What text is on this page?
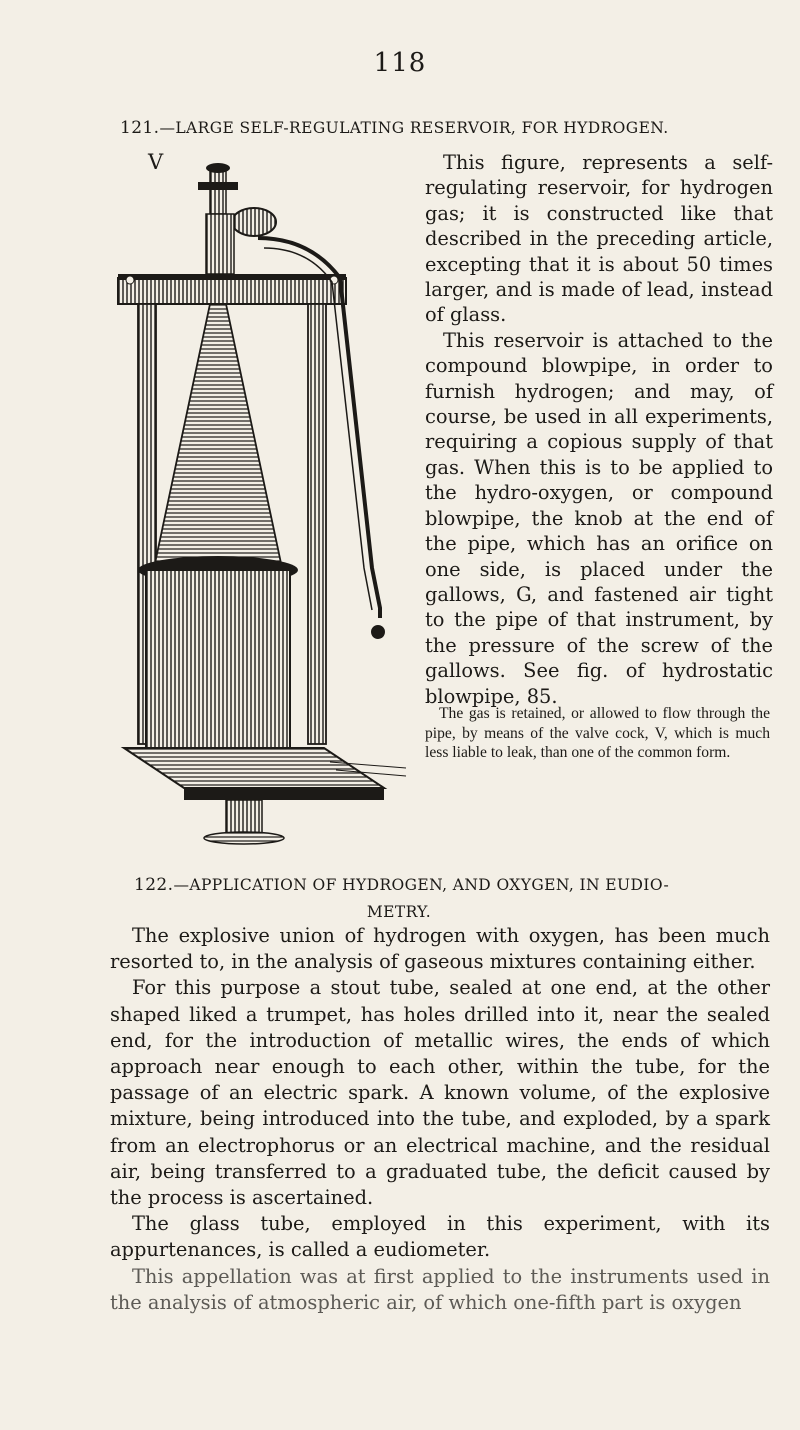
118
121.—LARGE SELF-REGULATING RESERVOIR, FOR HYDROGEN.
V	This figure, represents a self-regulating reservoir, for hydrogen gas; it is constructed like that described in the preceding article, excepting that it is about 50 times larger, and is made of lead, instead of glass.

This reservoir is attached to the compound blowpipe, in order to furnish hydrogen; and may, of course, be used in all experiments, requiring a copious supply of that gas. When this is to be applied to the hydro-oxygen, or compound blowpipe, the knob at the end of the pipe, which has an orifice on one side, is placed under the gallows, G, and fastened air tight to the pipe of that instrument, by the pressure of the screw of the gallows. See fig. of hydrostatic blowpipe, 85.

The gas is retained, or allowed to flow through the pipe, by means of the valve cock, V, which is much less liable to leak, than one of the common form.

122.—APPLICATION OF HYDROGEN, AND OXYGEN, IN EUDIO-
METRY.

The explosive union of hydrogen with oxygen, has been much resorted to, in the analysis of gaseous mixtures containing either.

For this purpose a stout tube, sealed at one end, at the other shaped liked a trumpet, has holes drilled into it, near the sealed end, for the introduction of metallic wires, the ends of which approach near enough to each other, within the tube, for the passage of an electric spark. A known volume, of the explosive mixture, being introduced into the tube, and exploded, by a spark from an electrophorus or an electrical machine, and the residual air, being transferred to a graduated tube, the deficit caused by the process is ascertained.

The glass tube, employed in this experiment, with its appurtenances, is called a eudiometer.

This appellation was at first applied to the instruments used in the analysis of atmospheric air, of which one-fifth part is oxygen
